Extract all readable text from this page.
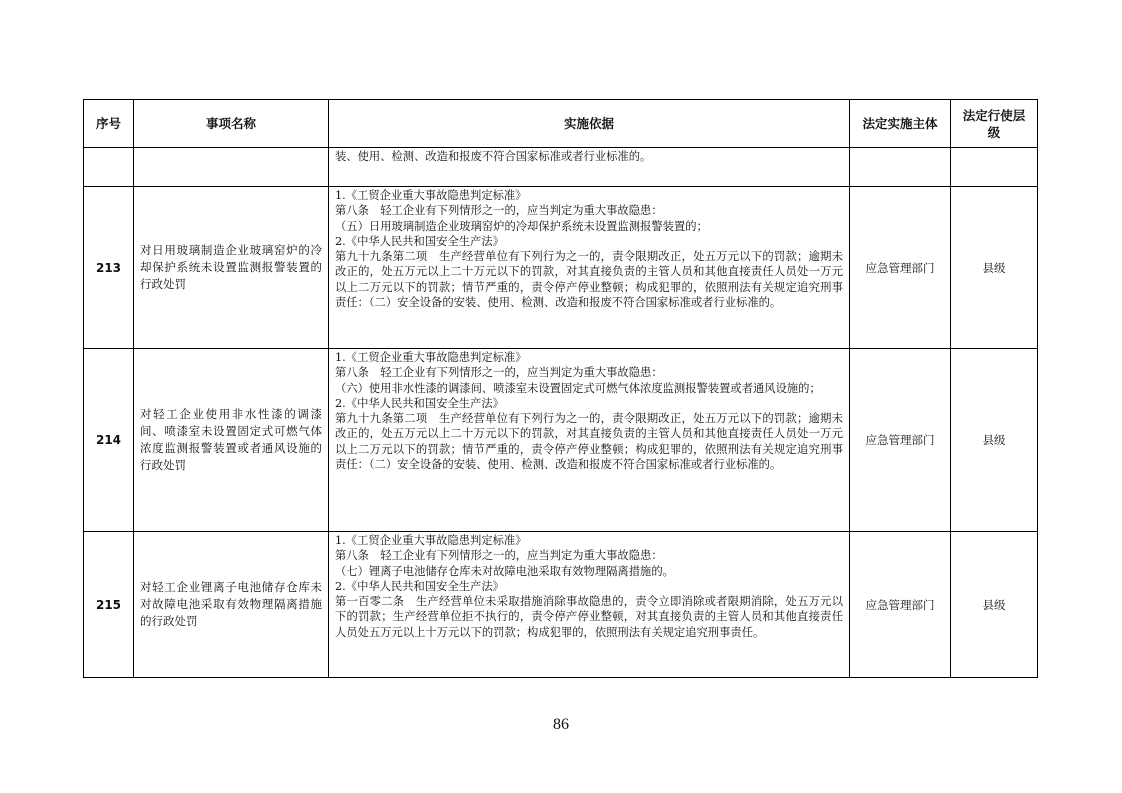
序号	事项名称	实施依据	法定实施主体	法定行使层级

		装、使用、检测、改造和报废不符合国家标准或者行业标准的。		

213	对日用玻璃制造企业玻璃窑炉的冷却保护系统未设置监测报警装置的行政处罚	1.《工贸企业重大事故隐患判定标准》
第八条　轻工企业有下列情形之一的，应当判定为重大事故隐患：
（五）日用玻璃制造企业玻璃窑炉的冷却保护系统未设置监测报警装置的；
2.《中华人民共和国安全生产法》
第九十九条第二项　生产经营单位有下列行为之一的，责令限期改正，处五万元以下的罚款；逾期未改正的，处五万元以上二十万元以下的罚款，对其直接负责的主管人员和其他直接责任人员处一万元以上二万元以下的罚款；情节严重的，责令停产停业整顿；构成犯罪的，依照刑法有关规定追究刑事责任：（二）安全设备的安装、使用、检测、改造和报废不符合国家标准或者行业标准的。	应急管理部门	县级
214	对轻工企业使用非水性漆的调漆间、喷漆室未设置固定式可燃气体浓度监测报警装置或者通风设施的行政处罚	1.《工贸企业重大事故隐患判定标准》
第八条　轻工企业有下列情形之一的，应当判定为重大事故隐患：
（六）使用非水性漆的调漆间、喷漆室未设置固定式可燃气体浓度监测报警装置或者通风设施的；
2.《中华人民共和国安全生产法》
第九十九条第二项　生产经营单位有下列行为之一的，责令限期改正，处五万元以下的罚款；逾期未改正的，处五万元以上二十万元以下的罚款，对其直接负责的主管人员和其他直接责任人员处一万元以上二万元以下的罚款；情节严重的，责令停产停业整顿；构成犯罪的，依照刑法有关规定追究刑事责任：（二）安全设备的安装、使用、检测、改造和报废不符合国家标准或者行业标准的。	应急管理部门	县级
215	对轻工企业锂离子电池储存仓库未对故障电池采取有效物理隔离措施的行政处罚	1.《工贸企业重大事故隐患判定标准》
第八条　轻工企业有下列情形之一的，应当判定为重大事故隐患：
（七）锂离子电池储存仓库未对故障电池采取有效物理隔离措施的。
2.《中华人民共和国安全生产法》
第一百零二条　生产经营单位未采取措施消除事故隐患的，责令立即消除或者限期消除，处五万元以下的罚款；生产经营单位拒不执行的，责令停产停业整顿，对其直接负责的主管人员和其他直接责任人员处五万元以上十万元以下的罚款；构成犯罪的，依照刑法有关规定追究刑事责任。	应急管理部门	县级
86
